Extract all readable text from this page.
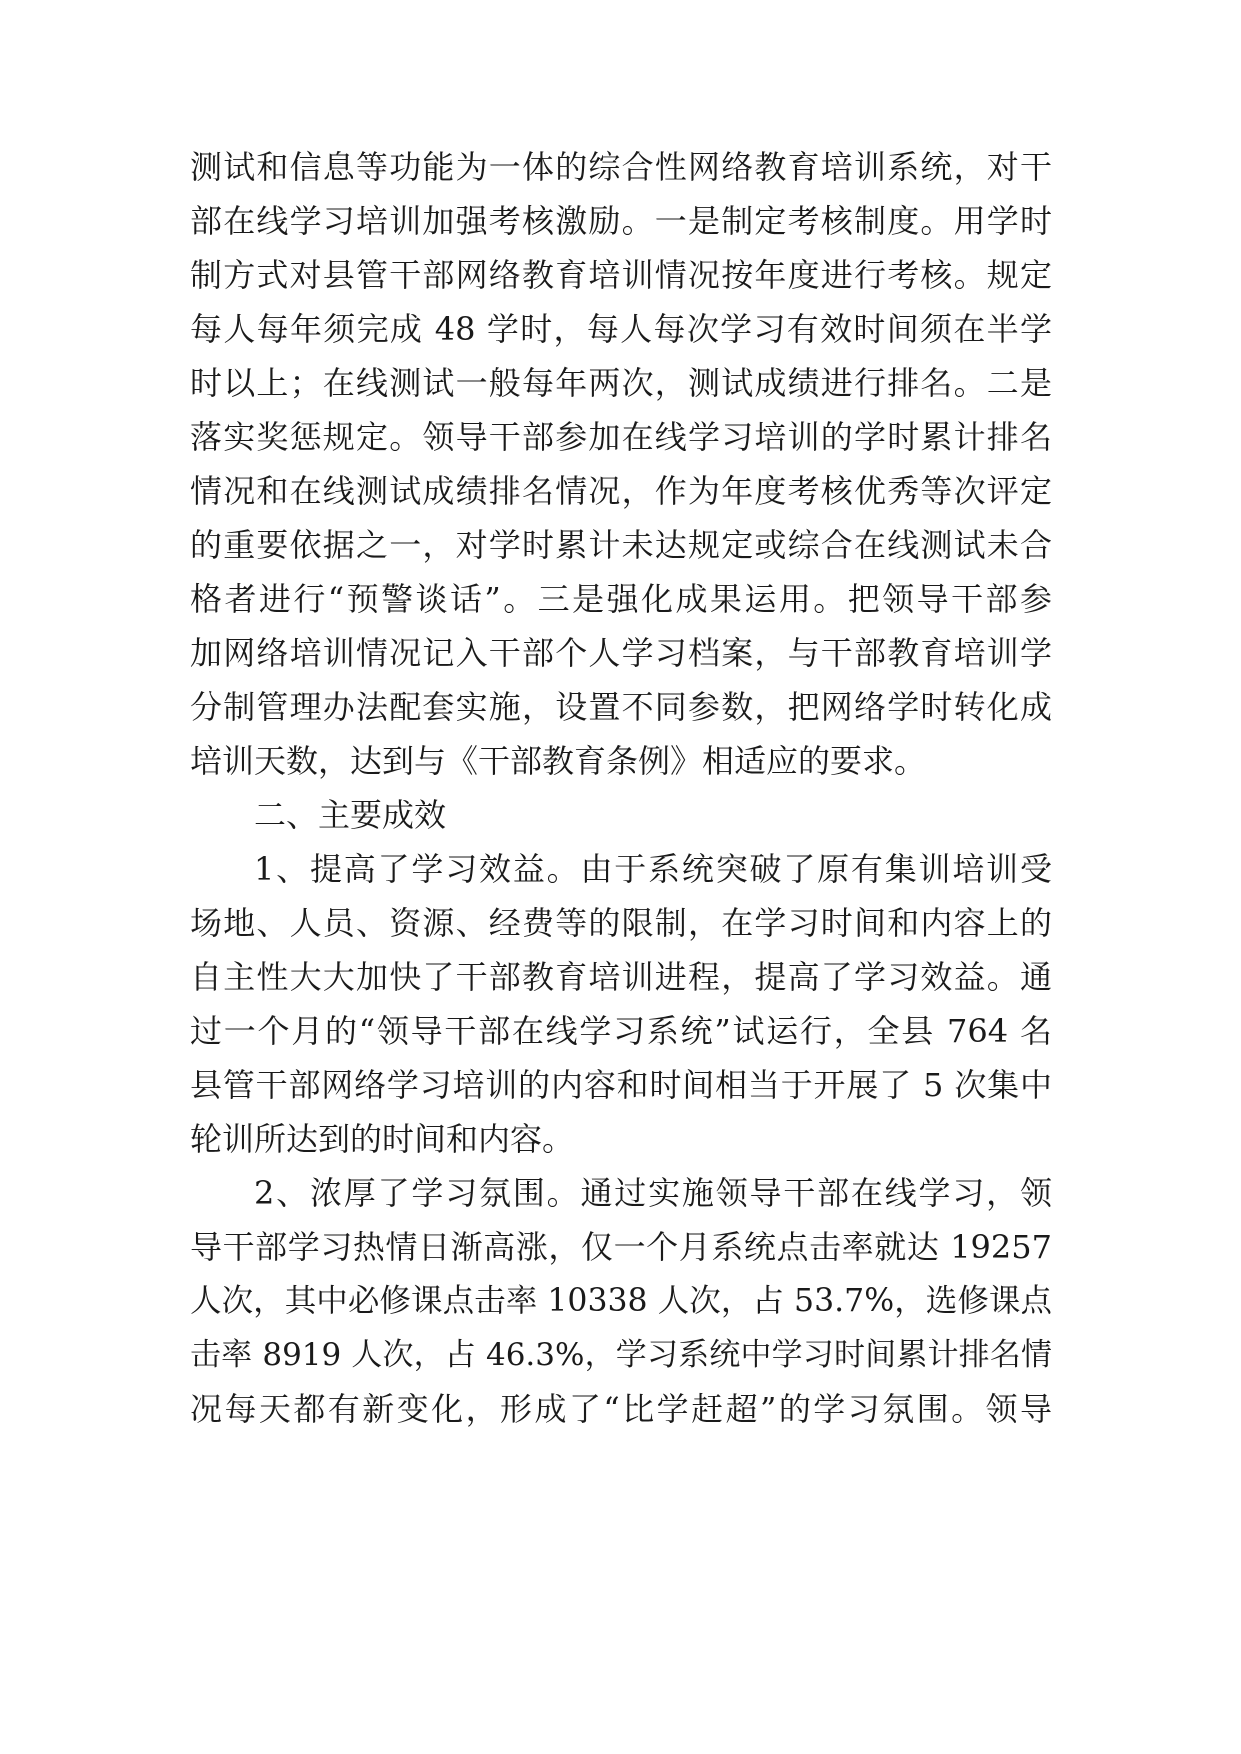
测试和信息等功能为一体的综合性网络教育培训系统，对干
部在线学习培训加强考核激励。一是制定考核制度。用学时
制方式对县管干部网络教育培训情况按年度进行考核。规定
每人每年须完成 48 学时，每人每次学习有效时间须在半学
时以上；在线测试一般每年两次，测试成绩进行排名。二是
落实奖惩规定。领导干部参加在线学习培训的学时累计排名
情况和在线测试成绩排名情况，作为年度考核优秀等次评定
的重要依据之一，对学时累计未达规定或综合在线测试未合
格者进行“预警谈话”。三是强化成果运用。把领导干部参
加网络培训情况记入干部个人学习档案，与干部教育培训学
分制管理办法配套实施，设置不同参数，把网络学时转化成
培训天数，达到与《干部教育条例》相适应的要求。
二、主要成效
1、提高了学习效益。由于系统突破了原有集训培训受
场地、人员、资源、经费等的限制，在学习时间和内容上的
自主性大大加快了干部教育培训进程，提高了学习效益。通
过一个月的“领导干部在线学习系统”试运行，全县 764 名
县管干部网络学习培训的内容和时间相当于开展了 5 次集中
轮训所达到的时间和内容。
2、浓厚了学习氛围。通过实施领导干部在线学习，领
导干部学习热情日渐高涨，仅一个月系统点击率就达 19257
人次，其中必修课点击率 10338 人次，占 53.7%，选修课点
击率 8919 人次，占 46.3%，学习系统中学习时间累计排名情
况每天都有新变化，形成了“比学赶超”的学习氛围。领导
